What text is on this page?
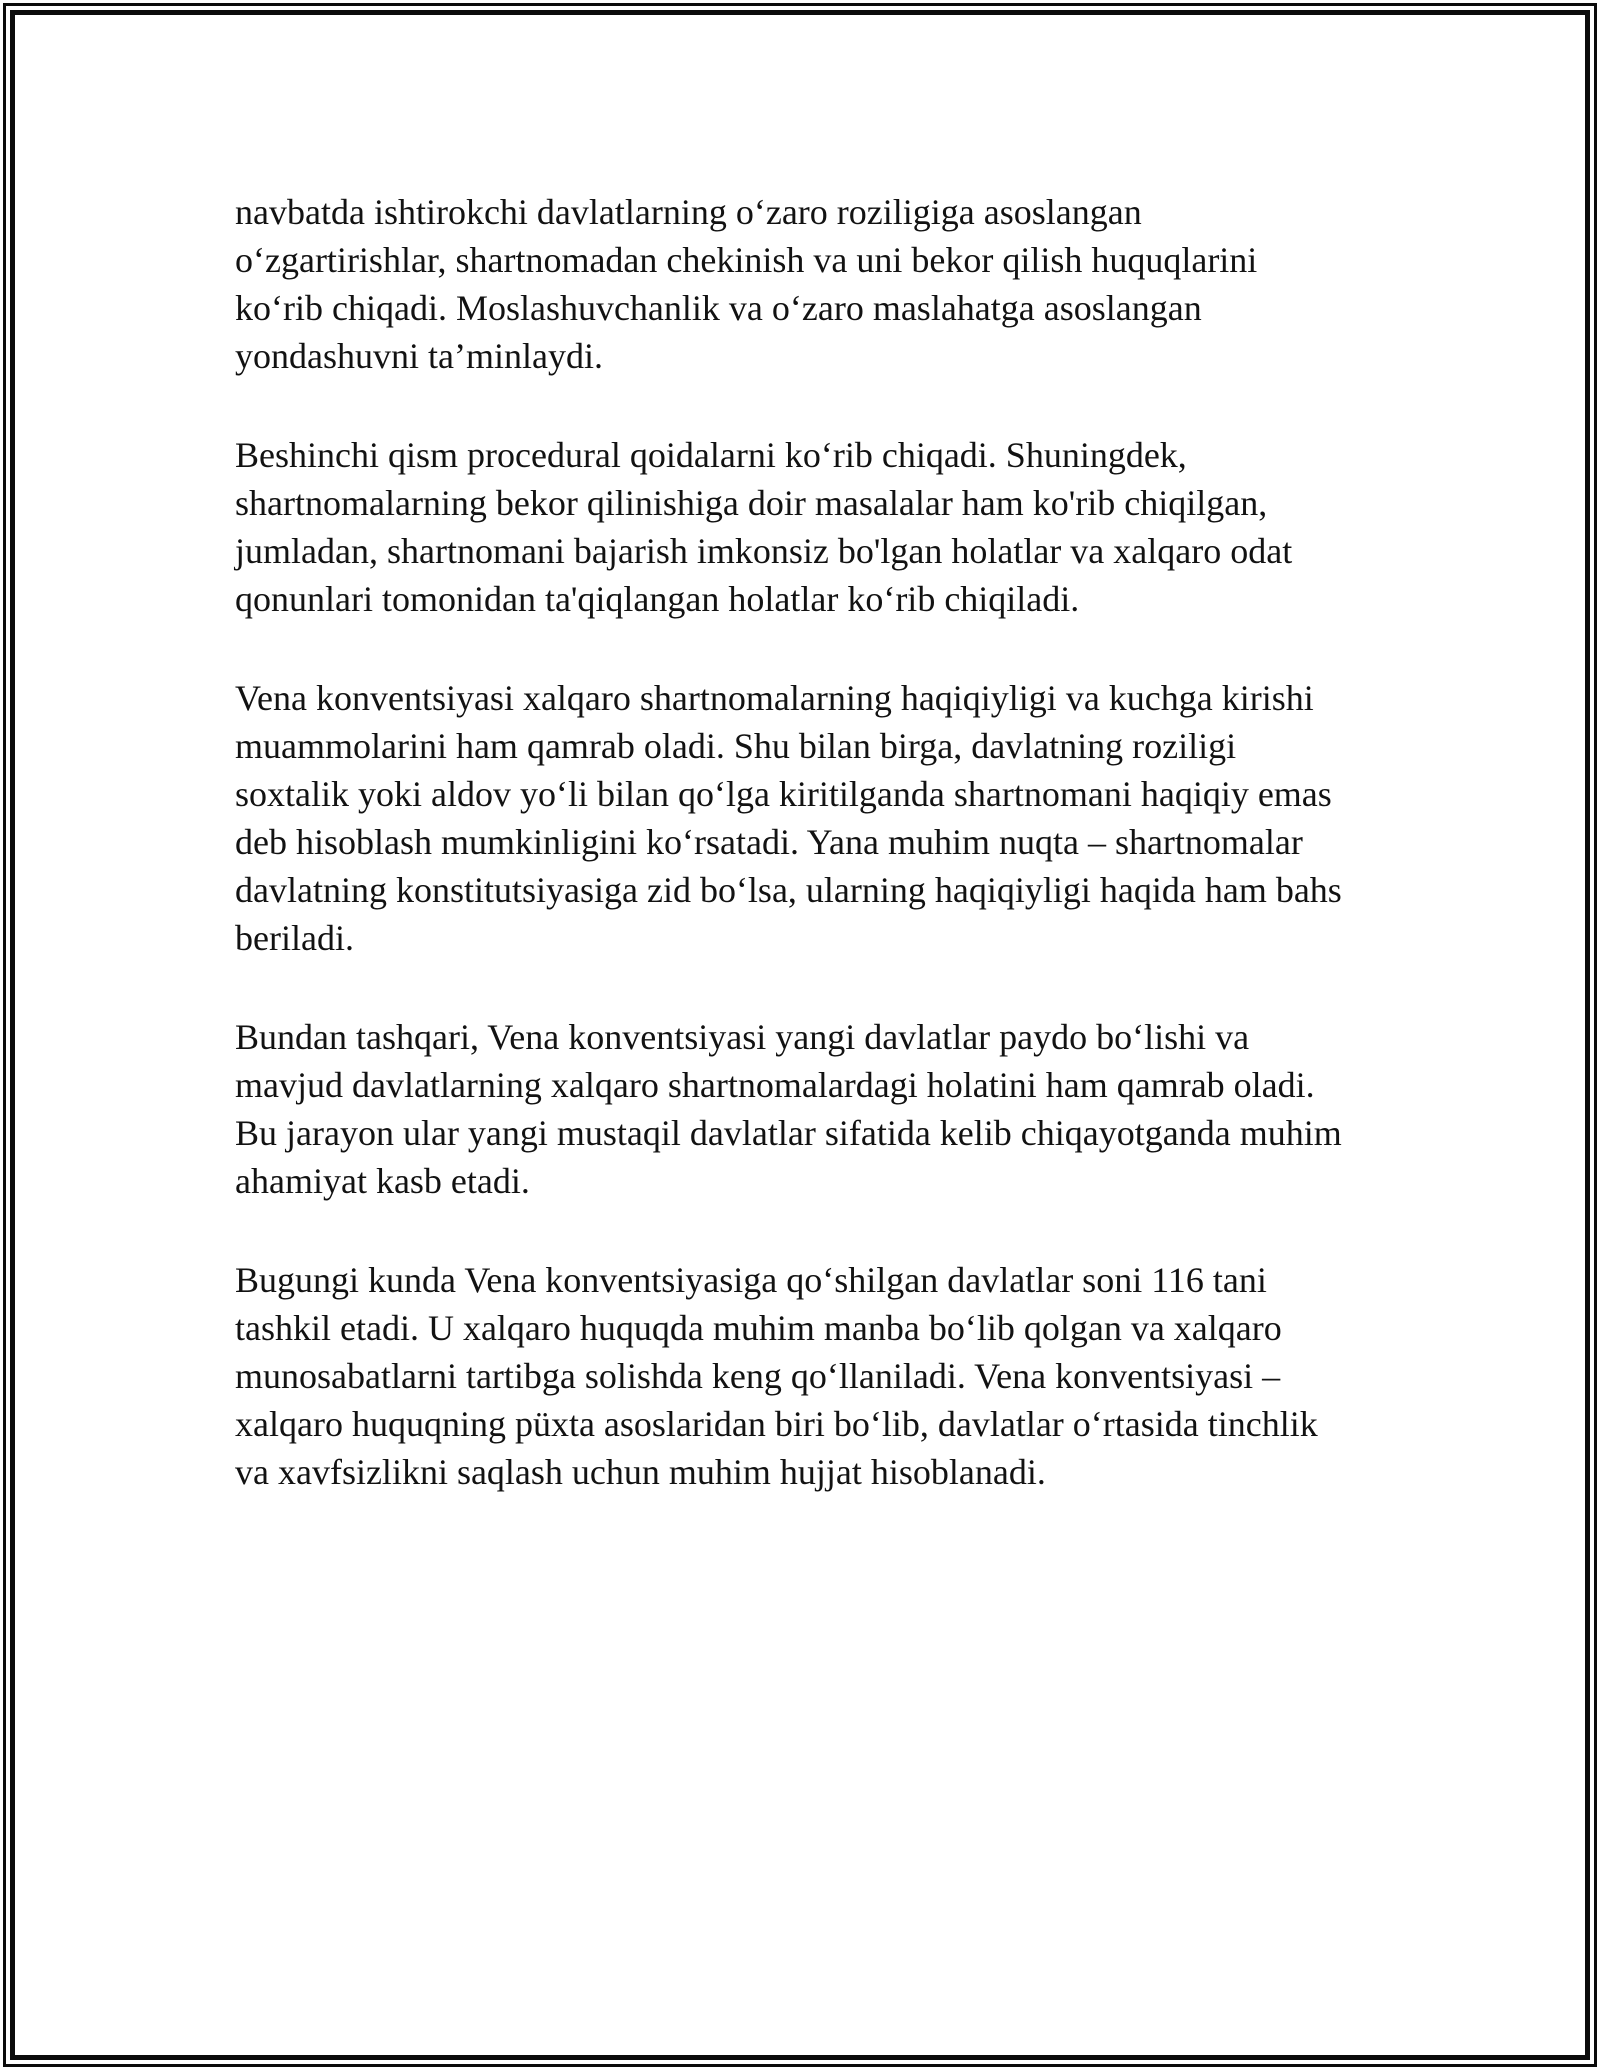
navbatda ishtirokchi davlatlarning o‘zaro roziligiga asoslangan
o‘zgartirishlar, shartnomadan chekinish va uni bekor qilish huquqlarini
ko‘rib chiqadi. Moslashuvchanlik va o‘zaro maslahatga asoslangan
yondashuvni ta’minlaydi.
Beshinchi qism procedural qoidalarni ko‘rib chiqadi. Shuningdek,
shartnomalarning bekor qilinishiga doir masalalar ham ko'rib chiqilgan,
jumladan, shartnomani bajarish imkonsiz bo'lgan holatlar va xalqaro odat
qonunlari tomonidan ta'qiqlangan holatlar ko‘rib chiqiladi.
Vena konventsiyasi xalqaro shartnomalarning haqiqiyligi va kuchga kirishi
muammolarini ham qamrab oladi. Shu bilan birga, davlatning roziligi
soxtalik yoki aldov yo‘li bilan qo‘lga kiritilganda shartnomani haqiqiy emas
deb hisoblash mumkinligini ko‘rsatadi. Yana muhim nuqta – shartnomalar
davlatning konstitutsiyasiga zid bo‘lsa, ularning haqiqiyligi haqida ham bahs
beriladi.
Bundan tashqari, Vena konventsiyasi yangi davlatlar paydo bo‘lishi va
mavjud davlatlarning xalqaro shartnomalardagi holatini ham qamrab oladi.
Bu jarayon ular yangi mustaqil davlatlar sifatida kelib chiqayotganda muhim
ahamiyat kasb etadi.
Bugungi kunda Vena konventsiyasiga qo‘shilgan davlatlar soni 116 tani
tashkil etadi. U xalqaro huquqda muhim manba bo‘lib qolgan va xalqaro
munosabatlarni tartibga solishda keng qo‘llaniladi. Vena konventsiyasi –
xalqaro huquqning püxta asoslaridan biri bo‘lib, davlatlar o‘rtasida tinchlik
va xavfsizlikni saqlash uchun muhim hujjat hisoblanadi.
